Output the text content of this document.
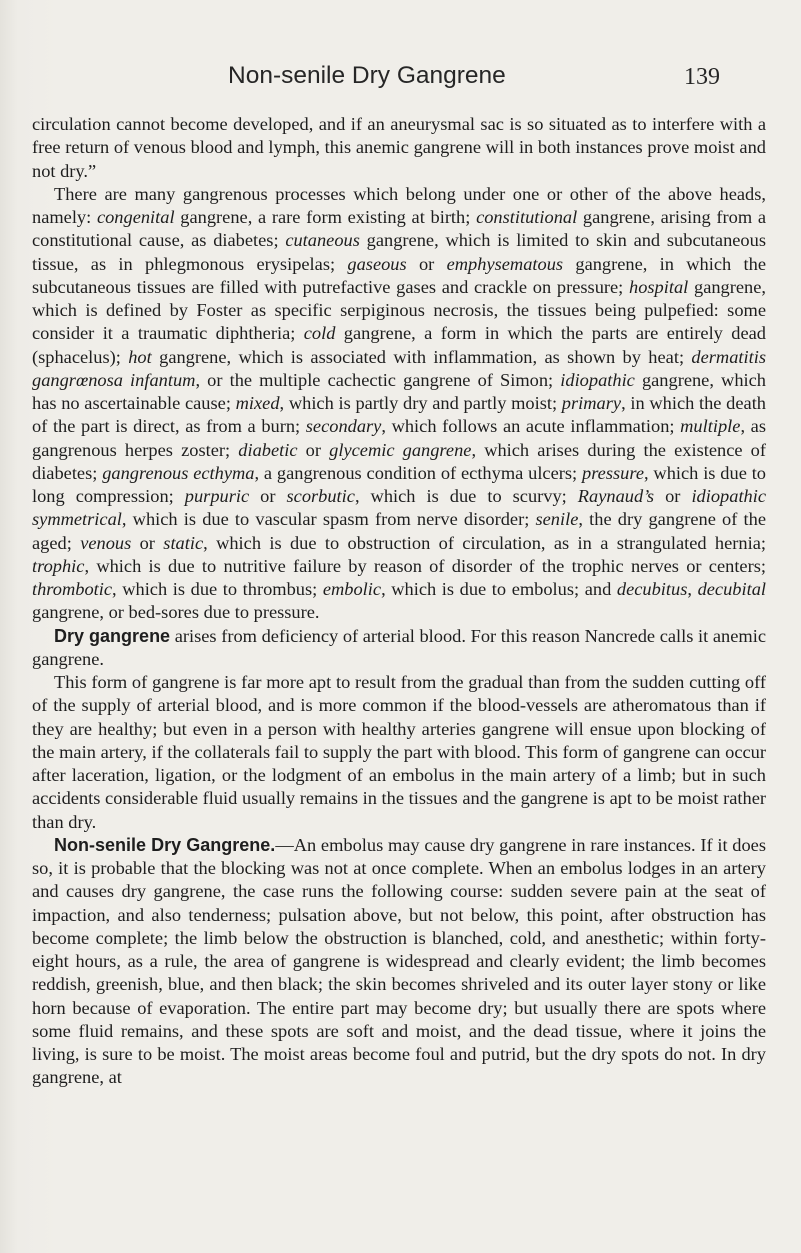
Non-senile Dry Gangrene	139

circulation cannot become developed, and if an aneurysmal sac is so situated as to interfere with a free return of venous blood and lymph, this anemic gangrene will in both instances prove moist and not dry.”

There are many gangrenous processes which belong under one or other of the above heads, namely: congenital gangrene, a rare form existing at birth; constitutional gangrene, arising from a constitutional cause, as diabetes; cutaneous gangrene, which is limited to skin and subcutaneous tissue, as in phlegmonous erysipelas; gaseous or emphysematous gangrene, in which the subcutaneous tissues are filled with putrefactive gases and crackle on pressure; hospital gangrene, which is defined by Foster as specific serpiginous necrosis, the tissues being pulpefied: some consider it a traumatic diphtheria; cold gangrene, a form in which the parts are entirely dead (sphacelus); hot gangrene, which is associated with inflammation, as shown by heat; dermatitis gangrœnosa infantum, or the multiple cachectic gangrene of Simon; idiopathic gangrene, which has no ascertainable cause; mixed, which is partly dry and partly moist; primary, in which the death of the part is direct, as from a burn; secondary, which follows an acute inflammation; multiple, as gangrenous herpes zoster; diabetic or glycemic gangrene, which arises during the existence of diabetes; gangrenous ecthyma, a gangrenous condition of ecthyma ulcers; pressure, which is due to long compression; purpuric or scorbutic, which is due to scurvy; Raynaud’s or idiopathic symmetrical, which is due to vascular spasm from nerve disorder; senile, the dry gangrene of the aged; venous or static, which is due to obstruction of circulation, as in a strangulated hernia; trophic, which is due to nutritive failure by reason of disorder of the trophic nerves or centers; thrombotic, which is due to thrombus; embolic, which is due to embolus; and decubitus, decubital gangrene, or bed-sores due to pressure.

Dry gangrene arises from deficiency of arterial blood. For this reason Nancrede calls it anemic gangrene.

This form of gangrene is far more apt to result from the gradual than from the sudden cutting off of the supply of arterial blood, and is more common if the blood-vessels are atheromatous than if they are healthy; but even in a person with healthy arteries gangrene will ensue upon blocking of the main artery, if the collaterals fail to supply the part with blood. This form of gangrene can occur after laceration, ligation, or the lodgment of an embolus in the main artery of a limb; but in such accidents considerable fluid usually remains in the tissues and the gangrene is apt to be moist rather than dry.

Non-senile Dry Gangrene.—An embolus may cause dry gangrene in rare instances. If it does so, it is probable that the blocking was not at once complete. When an embolus lodges in an artery and causes dry gangrene, the case runs the following course: sudden severe pain at the seat of impaction, and also tenderness; pulsation above, but not below, this point, after obstruction has become complete; the limb below the obstruction is blanched, cold, and anesthetic; within forty-eight hours, as a rule, the area of gangrene is widespread and clearly evident; the limb becomes reddish, greenish, blue, and then black; the skin becomes shriveled and its outer layer stony or like horn because of evaporation. The entire part may become dry; but usually there are spots where some fluid remains, and these spots are soft and moist, and the dead tissue, where it joins the living, is sure to be moist. The moist areas become foul and putrid, but the dry spots do not. In dry gangrene, at
